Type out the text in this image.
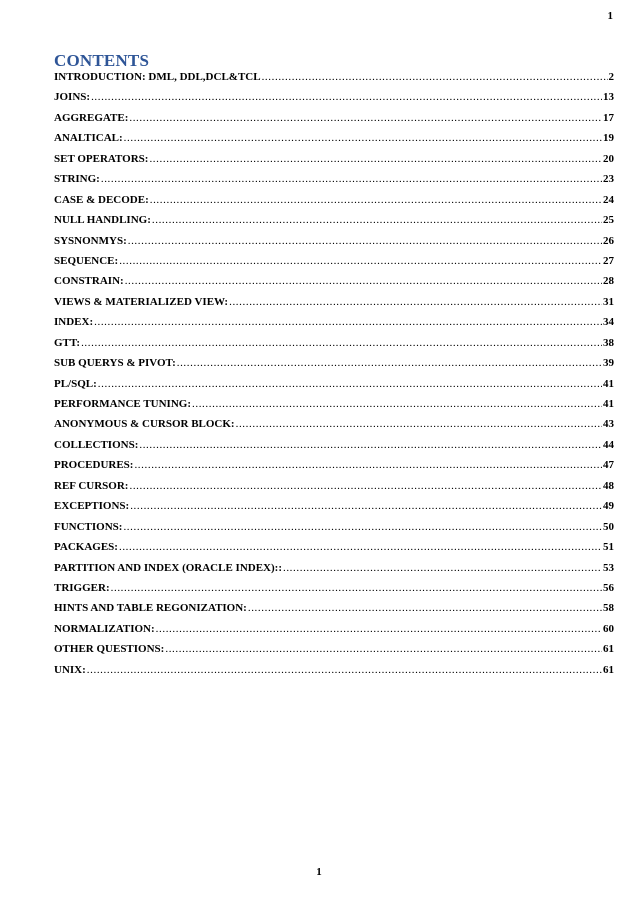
1
CONTENTS
INTRODUCTION: DML, DDL,DCL&TCL .....	2
JOINS: .....	13
AGGREGATE: .....	17
ANALTICAL: .....	19
SET OPERATORS: .....	20
STRING: .....	23
CASE & DECODE: .....	24
NULL HANDLING: .....	25
SYSNONMYS: .....	26
SEQUENCE: .....	27
CONSTRAIN: .....	28
VIEWS & MATERIALIZED VIEW: .....	31
INDEX: .....	34
GTT: .....	38
SUB QUERYS & PIVOT: .....	39
PL/SQL: .....	41
PERFORMANCE TUNING: .....	41
ANONYMOUS & CURSOR BLOCK: .....	43
COLLECTIONS: .....	44
PROCEDURES: .....	47
REF CURSOR: .....	48
EXCEPTIONS: .....	49
FUNCTIONS: .....	50
PACKAGES: .....	51
PARTITION AND INDEX (ORACLE INDEX):: .....	53
TRIGGER: .....	56
HINTS AND TABLE REGONIZATION: .....	58
NORMALIZATION: .....	60
OTHER QUESTIONS: .....	61
UNIX: .....	61
1
